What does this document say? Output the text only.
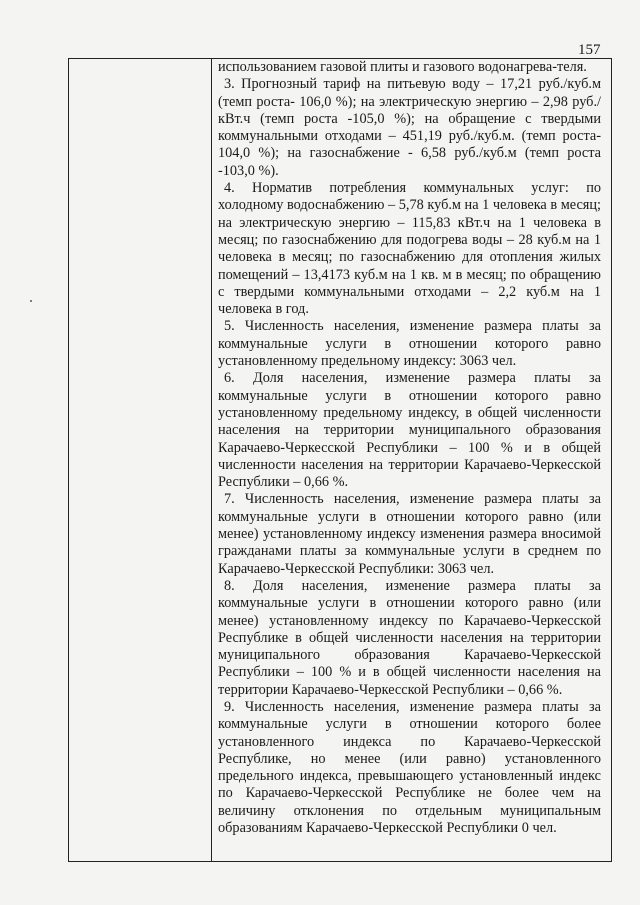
157

использованием газовой плиты и газового водонагрева-тeля.

3. Прогнозный тариф на питьевую воду – 17,21 руб./куб.м (темп роста- 106,0 %); на электрическую энергию – 2,98 руб./кВт.ч (темп роста -105,0 %); на обращение с твердыми коммунальными отходами – 451,19 руб./куб.м. (темп роста- 104,0 %); на газоснабжение - 6,58 руб./куб.м (темп роста -103,0 %).

4. Норматив потребления коммунальных услуг: по холодному водоснабжению – 5,78 куб.м на 1 человека в месяц; на электрическую энергию – 115,83 кВт.ч на 1 человека в месяц; по газоснабжению для подогрева воды – 28 куб.м на 1 человека в месяц; по газоснабжению для отопления жилых помещений – 13,4173 куб.м на 1 кв. м в месяц; по обращению с твердыми коммунальными отходами – 2,2 куб.м на 1 человека в год.

5. Численность населения, изменение размера платы за коммунальные услуги в отношении которого равно установленному предельному индексу: 3063 чел.

6. Доля населения, изменение размера платы за коммунальные услуги в отношении которого равно установленному предельному индексу, в общей численности населения на территории муниципального образования Карачаево-Черкесской Республики – 100 % и в общей численности населения на территории Карачаево-Черкесской Республики – 0,66 %.

7. Численность населения, изменение размера платы за коммунальные услуги в отношении которого равно (или менее) установленному индексу изменения размера вносимой гражданами платы за коммунальные услуги в среднем по Карачаево-Черкесской Республики: 3063 чел.

8. Доля населения, изменение размера платы за коммунальные услуги в отношении которого равно (или менее) установленному индексу по Карачаево-Черкесской Республике в общей численности населения на территории муниципального образования Карачаево-Черкесской Республики – 100 % и в общей численности населения на территории Карачаево-Черкесской Республики – 0,66 %.

9. Численность населения, изменение размера платы за коммунальные услуги в отношении которого более установленного индекса по Карачаево-Черкесской Республике, но менее (или равно) установленного предельного индекса, превышающего установленный индекс по Карачаево-Черкесской Республике не более чем на величину отклонения по отдельным муниципальным образованиям Карачаево-Черкесской Республики 0 чел.
